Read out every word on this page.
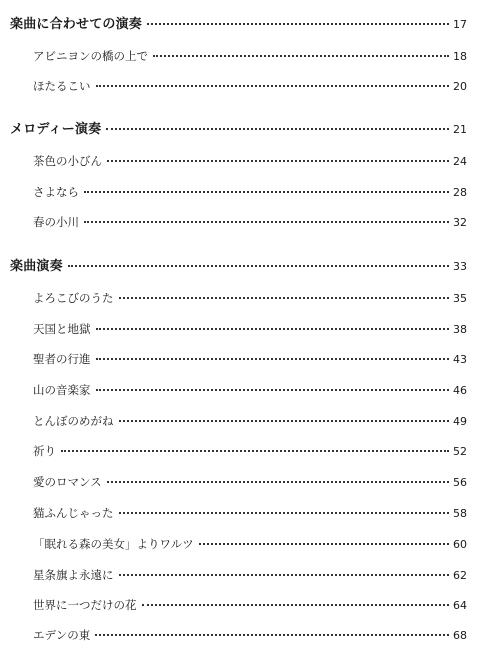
楽曲に合わせての演奏	17
アビニヨンの橋の上で	18
ほたるこい	20
メロディー演奏	21
茶色の小びん	24
さよなら	28
春の小川	32
楽曲演奏	33
よろこびのうた	35
天国と地獄	38
聖者の行進	43
山の音楽家	46
とんぼのめがね	49
祈り	52
愛のロマンス	56
猫ふんじゃった	58
「眠れる森の美女」よりワルツ	60
星条旗よ永遠に	62
世界に一つだけの花	64
エデンの東	68
